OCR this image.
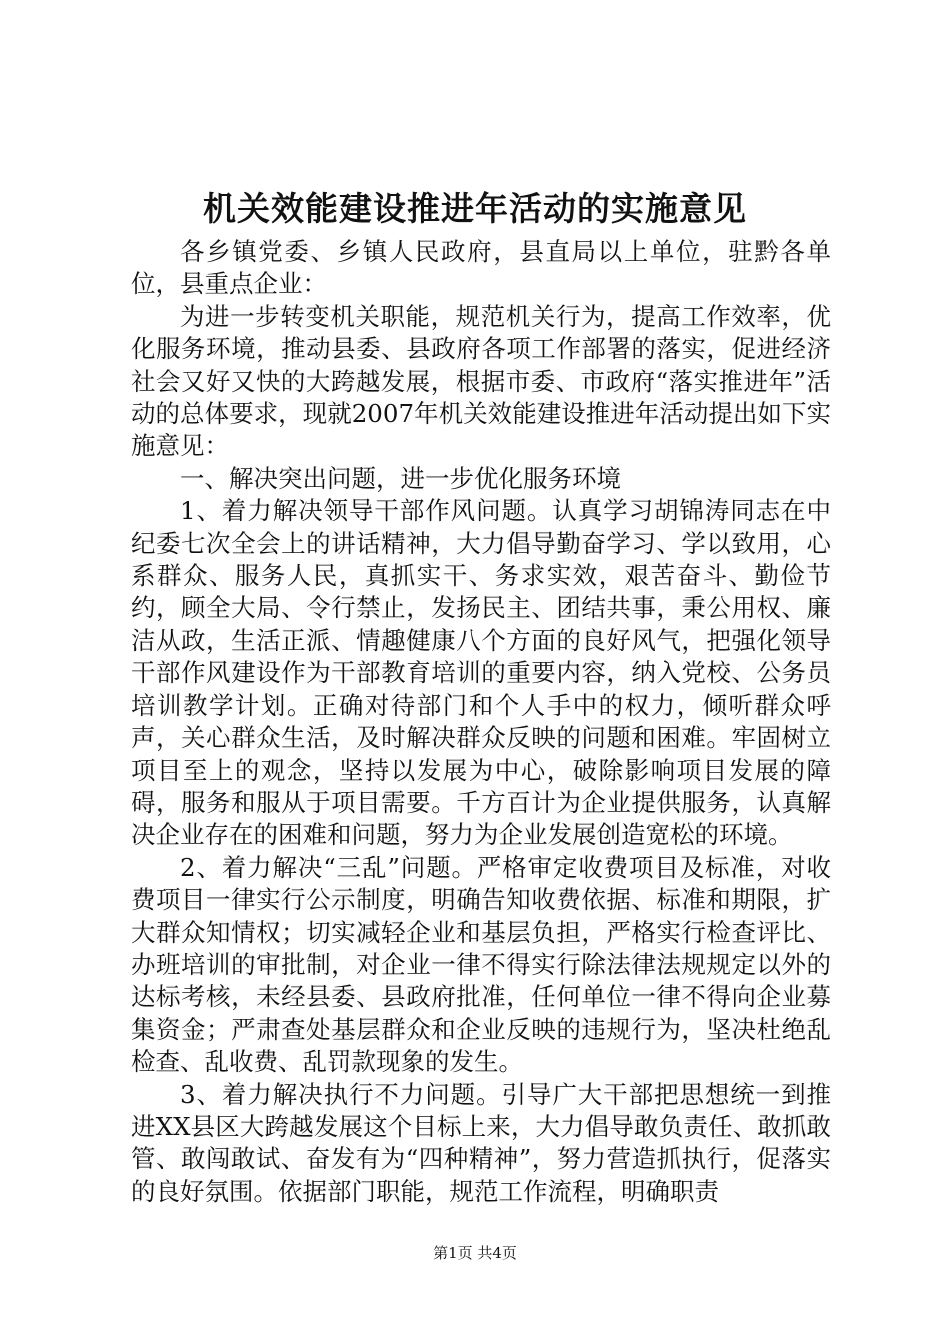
机关效能建设推进年活动的实施意见

各乡镇党委、乡镇人民政府，县直局以上单位，驻黔各单位，县重点企业：

为进一步转变机关职能，规范机关行为，提高工作效率，优化服务环境，推动县委、县政府各项工作部署的落实，促进经济社会又好又快的大跨越发展，根据市委、市政府“落实推进年”活动的总体要求，现就2007年机关效能建设推进年活动提出如下实施意见：

一、解决突出问题，进一步优化服务环境

1、着力解决领导干部作风问题。认真学习胡锦涛同志在中纪委七次全会上的讲话精神，大力倡导勤奋学习、学以致用，心系群众、服务人民，真抓实干、务求实效，艰苦奋斗、勤俭节约，顾全大局、令行禁止，发扬民主、团结共事，秉公用权、廉洁从政，生活正派、情趣健康八个方面的良好风气，把强化领导干部作风建设作为干部教育培训的重要内容，纳入党校、公务员培训教学计划。正确对待部门和个人手中的权力，倾听群众呼声，关心群众生活，及时解决群众反映的问题和困难。牢固树立项目至上的观念，坚持以发展为中心，破除影响项目发展的障碍，服务和服从于项目需要。千方百计为企业提供服务，认真解决企业存在的困难和问题，努力为企业发展创造宽松的环境。

2、着力解决“三乱”问题。严格审定收费项目及标准，对收费项目一律实行公示制度，明确告知收费依据、标准和期限，扩大群众知情权；切实减轻企业和基层负担，严格实行检查评比、办班培训的审批制，对企业一律不得实行除法律法规规定以外的达标考核，未经县委、县政府批准，任何单位一律不得向企业募集资金；严肃查处基层群众和企业反映的违规行为，坚决杜绝乱检查、乱收费、乱罚款现象的发生。

3、着力解决执行不力问题。引导广大干部把思想统一到推进XX县区大跨越发展这个目标上来，大力倡导敢负责任、敢抓敢管、敢闯敢试、奋发有为“四种精神”，努力营造抓执行，促落实的良好氛围。依据部门职能，规范工作流程，明确职责

第1页 共4页
